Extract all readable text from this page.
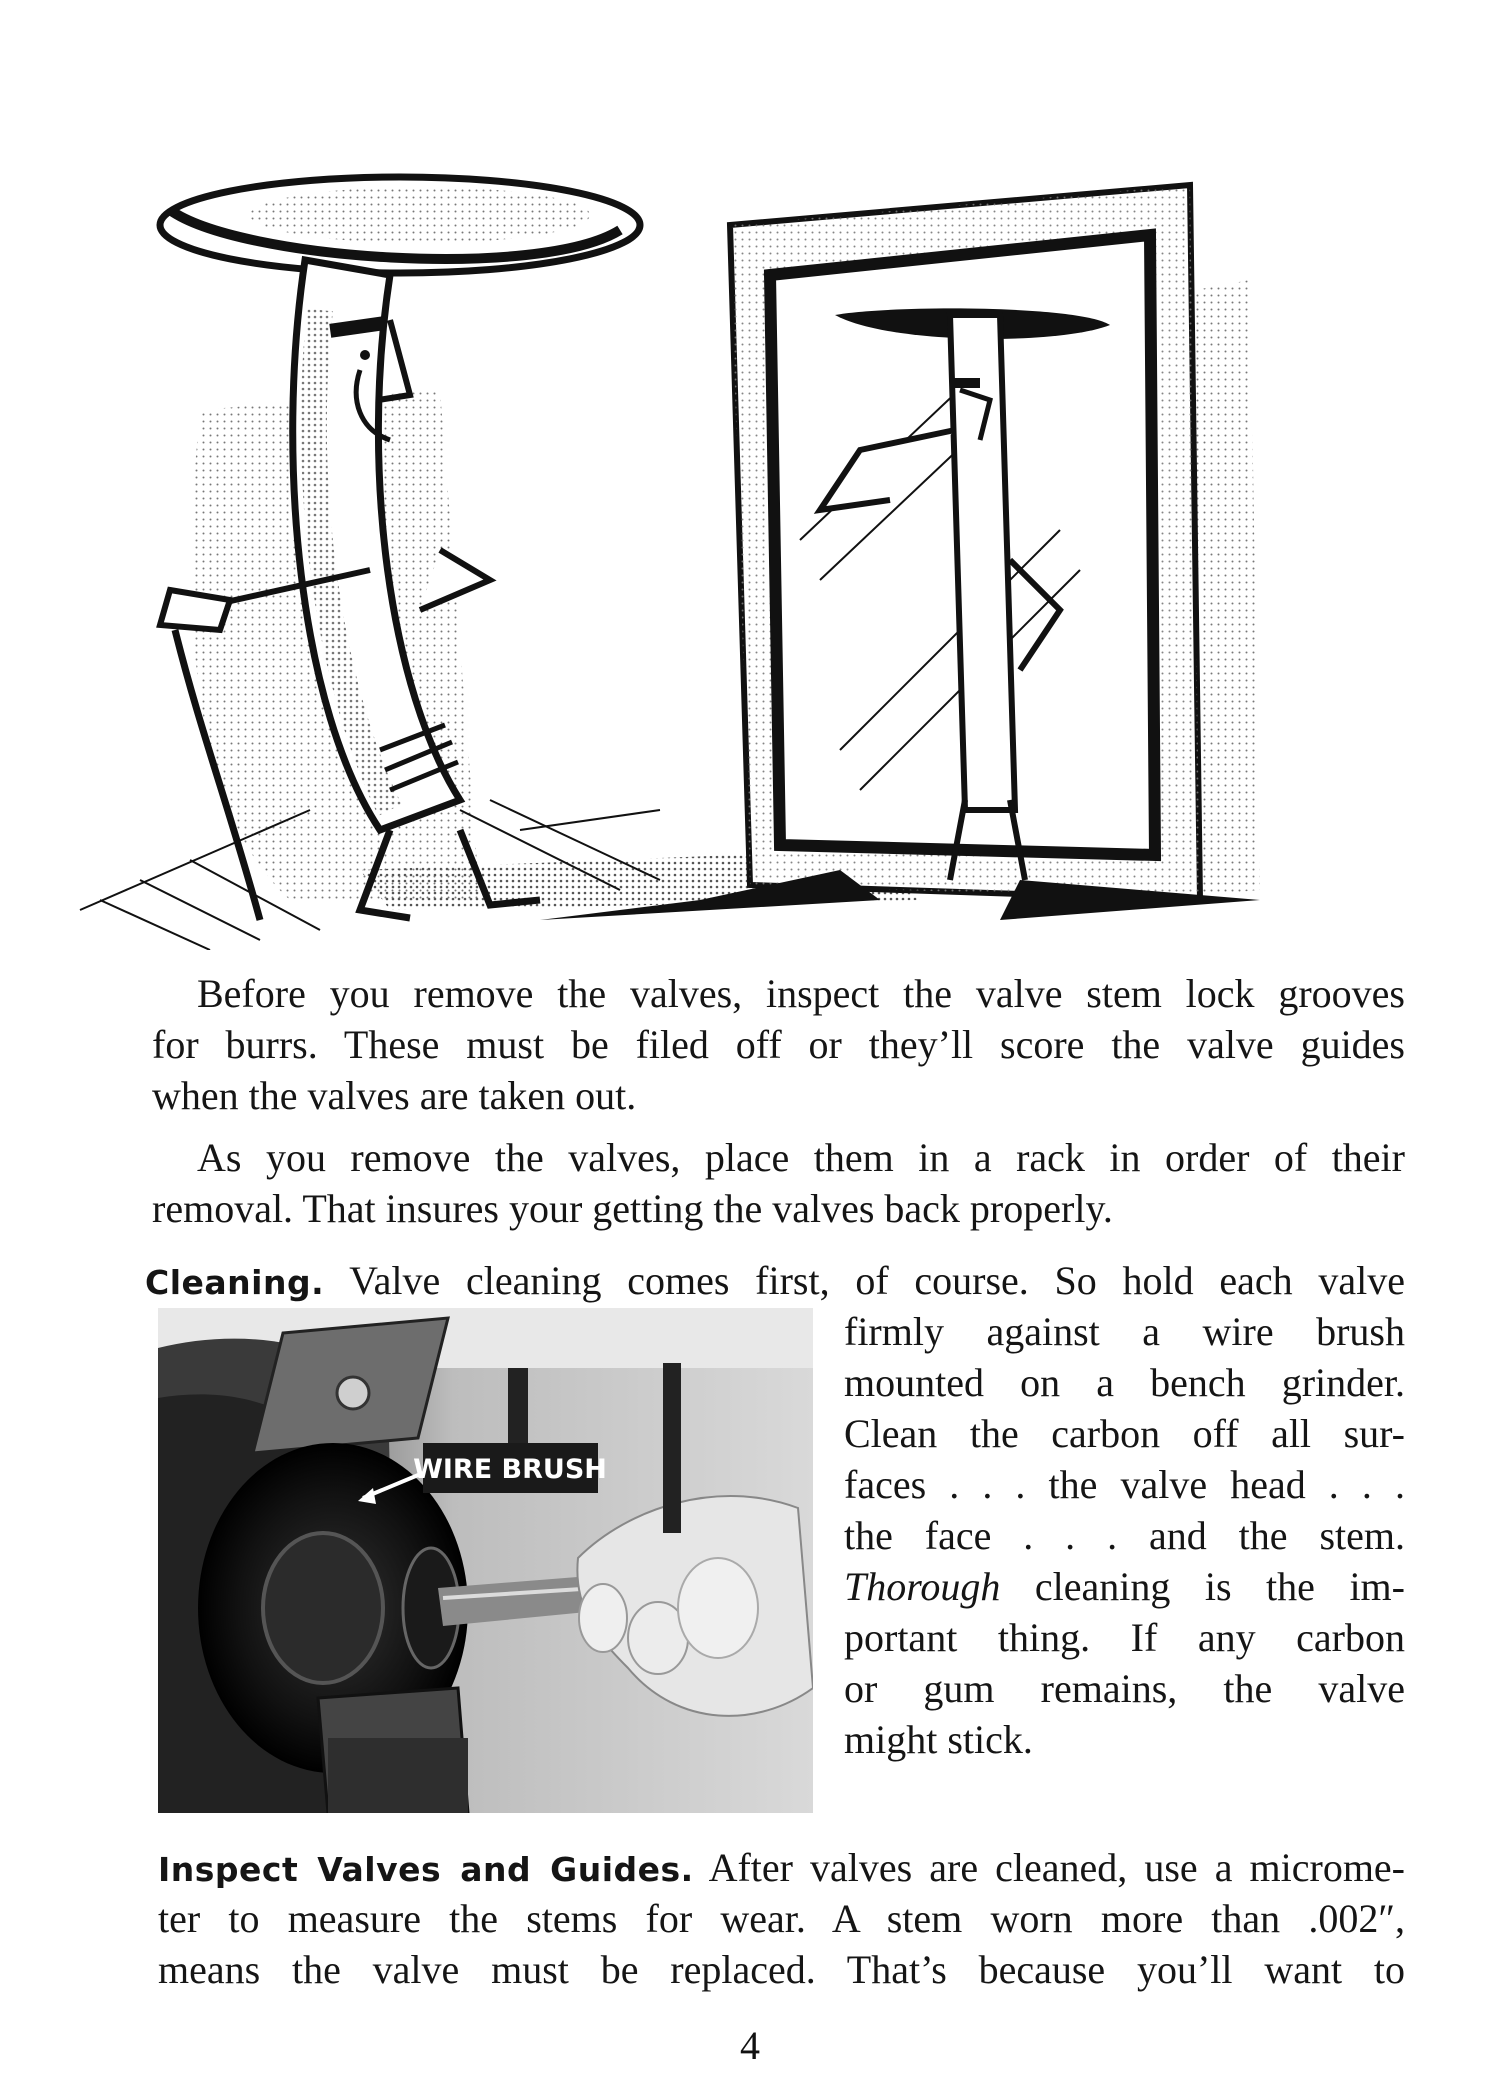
Before you remove the valves, inspect the valve stem lock grooves

for burrs. These must be filed off or they’ll score the valve guides

when the valves are taken out.

As you remove the valves, place them in a rack in order of their

removal. That insures your getting the valves back properly.

Cleaning. Valve cleaning comes first, of course. So hold each valve

WIRE BRUSH

firmly against a wire brush

mounted on a bench grinder.

Clean the carbon off all sur-

faces . . . the valve head . . .

the face . . . and the stem.

Thorough cleaning is the im-

portant thing. If any carbon

or gum remains, the valve

might stick.

Inspect Valves and Guides. After valves are cleaned, use a microme-

ter to measure the stems for wear. A stem worn more than .002″,

means the valve must be replaced. That’s because you’ll want to

4
